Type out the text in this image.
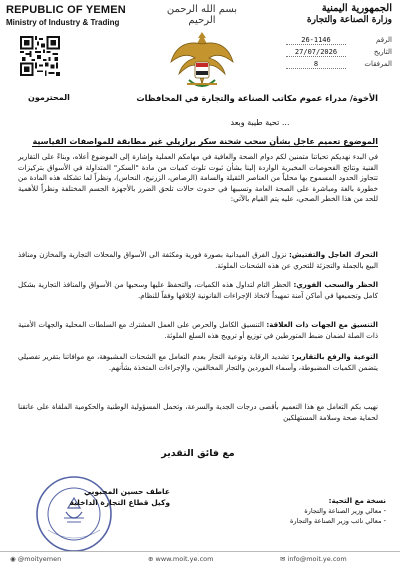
REPUBLIC OF YEMEN
Ministry of Industry & Trading
بسم الله الرحمن الرحيم
الجمهورية اليمنية
وزارة الصناعة والتجارة
الرقم
26-1146
التاريخ
27/07/2026
المرفقات
8
الأخوة/ مدراء عموم مكاتب الصناعة والتجارة في المحافظات
المحترمون
تحية طيبة وبعد ...
الموضوع تعميم عاجل بشأن سحب شحنة سكر برازيلي غير مطابقة للمواصفات القياسية
في البدء نهديكم تحياتنا متمنين لكم دوام الصحة والعافية في مهامكم العملية وإشارة إلى الموضوع أعلاه، وبناءً على التقارير الفنية ونتائج الفحوصات المخبرية الواردة إلينا بشأن ثبوت تلوث كميات من مادة "السكر" المتداولة في الأسواق بتركيزات تتجاوز الحدود المسموح بها محلياً من العناصر الثقيلة والسامة (الرصاص، الزرنيخ، النحاس)، ونظراً لما تشكله هذه المادة من خطورة بالغة ومباشرة على الصحة العامة وتسببها في حدوث حالات تلحق الضرر بالأجهزة الجسم المختلفة ونظراً للأهمية للحد من هذا الخطر الصحي، عليه يتم القيام بالآتي:
التحرك العاجل والتفتيش: نزول الفرق الميدانية بصورة فورية ومكثفة الى الأسواق والمحلات التجارية والمخازن ومنافذ البيع بالجملة والتجزئة للتحري عن هذه الشحنات الملوثة.
الحظر والسحب الفوري: الحظر التام لتداول هذه الكميات، والتحفظ عليها وسحبها من الأسواق والمنافذ التجارية بشكل كامل وتجميعها في أماكن آمنة تمهيداً لاتخاذ الإجراءات القانونية لإتلافها وفقاً للنظام.
التنسيق مع الجهات ذات العلاقة: التنسيق الكامل والحرص على العمل المشترك مع السلطات المحلية والجهات الأمنية ذات الصلة لضمان ضبط المتورطين في توزيع أو ترويج هذه السلع الملوثة.
التوعية والرفع بالتقارير: تشديد الرقابة وتوعية التجار بعدم التعامل مع الشحنات المشبوهة، مع موافاتنا بتقرير تفصيلي يتضمن الكميات المضبوطة، وأسماء الموردين والتجار المخالفين، والإجراءات المتخذة بشأنهم.
نهيب بكم التعامل مع هذا التعميم بأقصى درجات الجدية والسرعة، وتحمل المسؤولية الوطنية والحكومية الملقاة على عاتقنا لحماية صحة وسلامة المستهلكين
مع فائق التقدير
عاطف حسين المحبوبي
وكيل قطاع التجارة الداخلية	نسخة مع التحية:
- معالي وزير الصناعة والتجارة
- معالي نائب وزير الصناعة والتجارة
◉ @moityemen	⊕ www.moit.ye.com	✉ info@moit.ye.com
